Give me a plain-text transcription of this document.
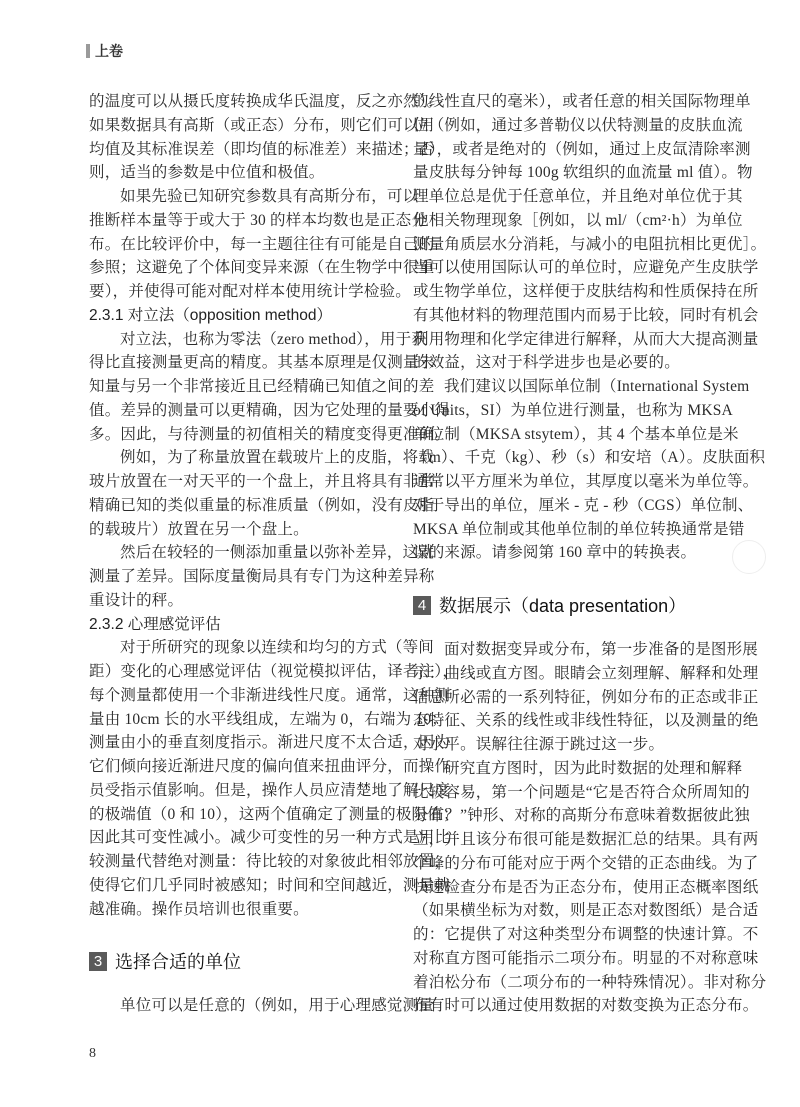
上卷
的温度可以从摄氏度转换成华氏温度，反之亦然）。
如果数据具有高斯（或正态）分布，则它们可以用
均值及其标准误差（即均值的标准差）来描述；否
则，适当的参数是中位值和极值。
如果先验已知研究参数具有高斯分布，可以
推断样本量等于或大于 30 的样本均数也是正态分
布。在比较评价中，每一主题往往有可能是自己的
参照；这避免了个体间变异来源（在生物学中很重
要），并使得可能对配对样本使用统计学检验。
2.3.1 对立法（opposition method）
对立法，也称为零法（zero method），用于获
得比直接测量更高的精度。其基本原理是仅测量未
知量与另一个非常接近且已经精确已知值之间的差
值。差异的测量可以更精确，因为它处理的量要小得
多。因此，与待测量的初值相关的精度变得更准确。
例如，为了称量放置在载玻片上的皮脂，将载
玻片放置在一对天平的一个盘上，并且将具有非常
精确已知的类似重量的标准质量（例如，没有皮脂
的载玻片）放置在另一个盘上。
然后在较轻的一侧添加重量以弥补差异，这就
测量了差异。国际度量衡局具有专门为这种差异称
重设计的秤。
2.3.2 心理感觉评估
对于所研究的现象以连续和均匀的方式（等间
距）变化的心理感觉评估（视觉模拟评估，译者注），
每个测量都使用一个非渐进线性尺度。通常，这种测
量由 10cm 长的水平线组成，左端为 0，右端为 10；
测量由小的垂直刻度指示。渐进尺度不太合适，因为
它们倾向接近渐进尺度的偏向值来扭曲评分，而操作
员受指示值影响。但是，操作人员应清楚地了解尺度
的极端值（0 和 10），这两个值确定了测量的极限值；
因此其可变性减小。减少可变性的另一种方式是用比
较测量代替绝对测量：待比较的对象彼此相邻放置，
使得它们几乎同时被感知；时间和空间越近，测量就
越准确。操作员培训也很重要。
3 选择合适的单位
单位可以是任意的（例如，用于心理感觉测量
的线性直尺的毫米），或者任意的相关国际物理单
位（例如，通过多普勒仪以伏特测量的皮肤血流
量），或者是绝对的（例如，通过上皮氙清除率测
量皮肤每分钟每 100g 软组织的血流量 ml 值）。物
理单位总是优于任意单位，并且绝对单位优于其
他相关物理现象［例如，以 ml/（cm²·h）为单位
测量角质层水分消耗，与减小的电阻抗相比更优］。
当可以使用国际认可的单位时，应避免产生皮肤学
或生物学单位，这样便于皮肤结构和性质保持在所
有其他材料的物理范围内而易于比较，同时有机会
利用物理和化学定律进行解释，从而大大提高测量
的效益，这对于科学进步也是必要的。
我们建议以国际单位制（International System
of Units，SI）为单位进行测量，也称为 MKSA
单位制（MKSA stsytem），其 4 个基本单位是米
（m）、千克（kg）、秒（s）和安培（A）。皮肤面积
通常以平方厘米为单位，其厚度以毫米为单位等。
对于导出的单位，厘米 - 克 - 秒（CGS）单位制、
MKSA 单位制或其他单位制的单位转换通常是错
误的来源。请参阅第 160 章中的转换表。
4 数据展示（data presentation）
面对数据变异或分布，第一步准备的是图形展
示：曲线或直方图。眼睛会立刻理解、解释和处理
信息所必需的一系列特征，例如分布的正态或非正
态特征、关系的线性或非线性特征，以及测量的绝
对水平。误解往往源于跳过这一步。
研究直方图时，因为此时数据的处理和解释
比较容易，第一个问题是“它是否符合众所周知的
分布？”钟形、对称的高斯分布意味着数据彼此独
立，并且该分布很可能是数据汇总的结果。具有两
个峰的分布可能对应于两个交错的正态曲线。为了
快速检查分布是否为正态分布，使用正态概率图纸
（如果横坐标为对数，则是正态对数图纸）是合适
的：它提供了对这种类型分布调整的快速计算。不
对称直方图可能指示二项分布。明显的不对称意味
着泊松分布（二项分布的一种特殊情况）。非对称分
布有时可以通过使用数据的对数变换为正态分布。
8
